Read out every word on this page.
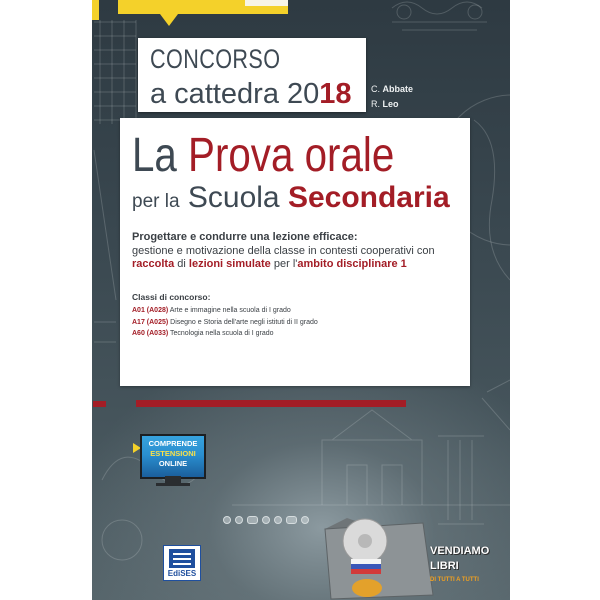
CONCORSO
a cattedra 2018 C. Abbate
R. Leo
La Prova orale
per la Scuola Secondaria
Progettare e condurre una lezione efficace:
gestione e motivazione della classe in contesti cooperativi con
raccolta di lezioni simulate per l'ambito disciplinare 1
Classi di concorso:
A01 (A028) Arte e immagine nella scuola di I grado
A17 (A025) Disegno e Storia dell'arte negli istituti di II grado
A60 (A033) Tecnologia nella scuola di I grado
COMPRENDE
ESTENSIONI
ONLINE
EdiSES
VENDIAMO
LIBRI
DI TUTTI A TUTTI
